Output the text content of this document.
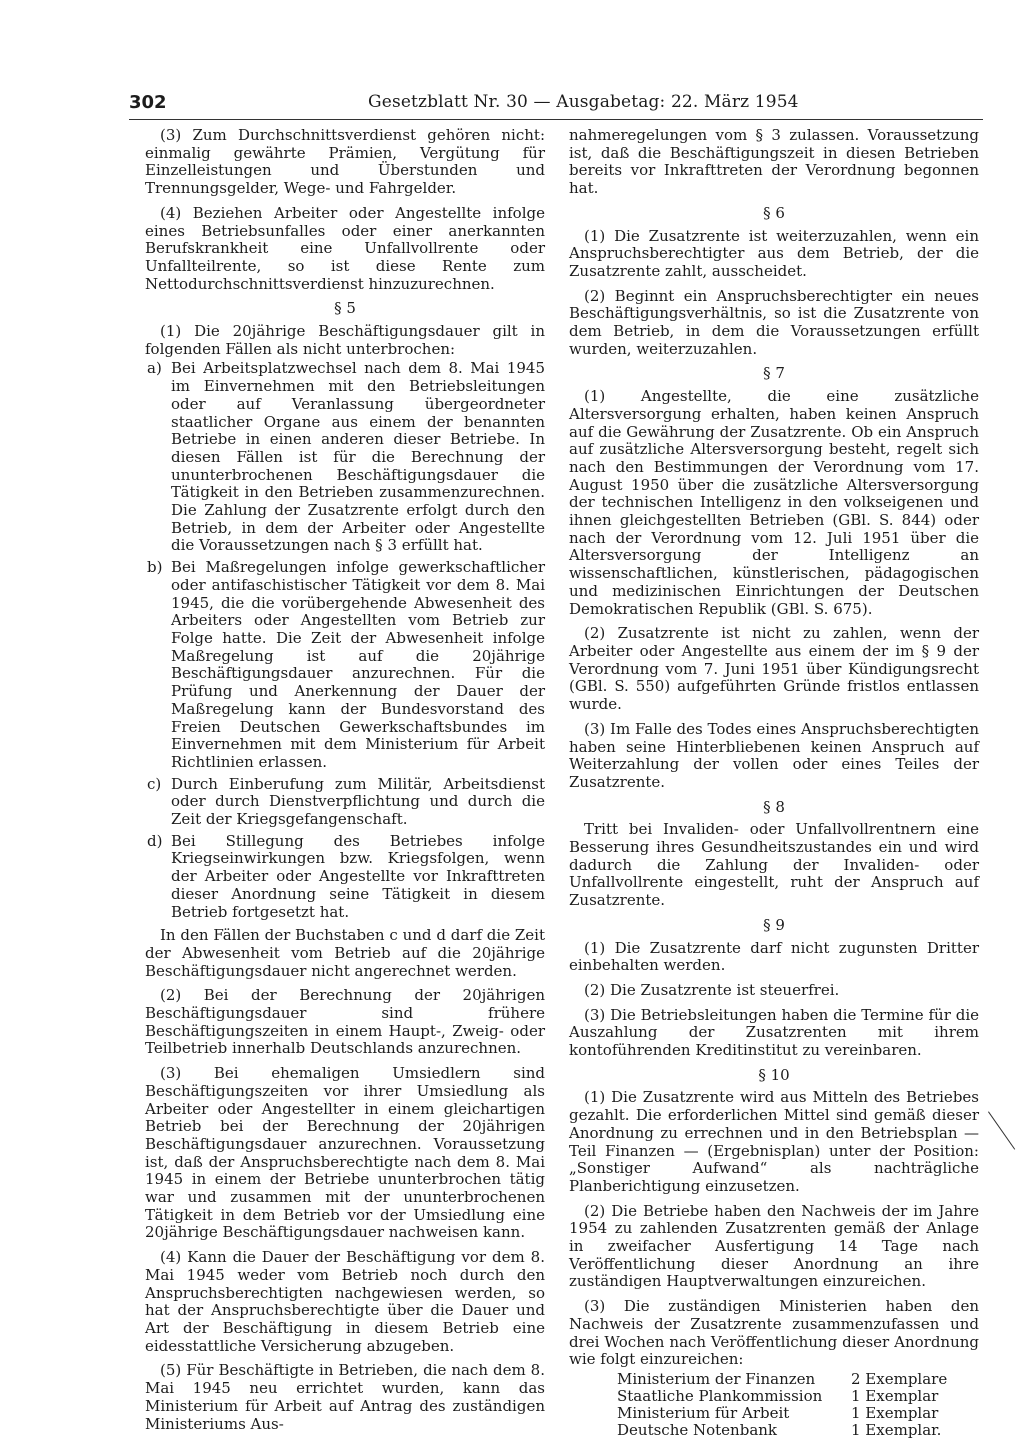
302	Gesetzblatt Nr. 30 — Ausgabetag: 22. März 1954

(3) Zum Durchschnittsverdienst gehören nicht: einmalig gewährte Prämien, Vergütung für Einzelleistungen und Überstunden und Trennungsgelder, Wege- und Fahrgelder.

(4) Beziehen Arbeiter oder Angestellte infolge eines Betriebsunfalles oder einer anerkannten Berufskrankheit eine Unfallvollrente oder Unfallteilrente, so ist diese Rente zum Nettodurchschnittsverdienst hinzuzurechnen.

§ 5

(1) Die 20jährige Beschäftigungsdauer gilt in folgenden Fällen als nicht unterbrochen:

a) Bei Arbeitsplatzwechsel nach dem 8. Mai 1945 im Einvernehmen mit den Betriebsleitungen oder auf Veranlassung übergeordneter staatlicher Organe aus einem der benannten Betriebe in einen anderen dieser Betriebe. In diesen Fällen ist für die Berechnung der ununterbrochenen Beschäftigungsdauer die Tätigkeit in den Betrieben zusammenzurechnen. Die Zahlung der Zusatzrente erfolgt durch den Betrieb, in dem der Arbeiter oder Angestellte die Voraussetzungen nach § 3 erfüllt hat.
b) Bei Maßregelungen infolge gewerkschaftlicher oder antifaschistischer Tätigkeit vor dem 8. Mai 1945, die die vorübergehende Abwesenheit des Arbeiters oder Angestellten vom Betrieb zur Folge hatte. Die Zeit der Abwesenheit infolge Maßregelung ist auf die 20jährige Beschäftigungsdauer anzurechnen. Für die Prüfung und Anerkennung der Dauer der Maßregelung kann der Bundesvorstand des Freien Deutschen Gewerkschaftsbundes im Einvernehmen mit dem Ministerium für Arbeit Richtlinien erlassen.
c) Durch Einberufung zum Militär, Arbeitsdienst oder durch Dienstverpflichtung und durch die Zeit der Kriegsgefangenschaft.
d) Bei Stillegung des Betriebes infolge Kriegseinwirkungen bzw. Kriegsfolgen, wenn der Arbeiter oder Angestellte vor Inkrafttreten dieser Anordnung seine Tätigkeit in diesem Betrieb fortgesetzt hat.

In den Fällen der Buchstaben c und d darf die Zeit der Abwesenheit vom Betrieb auf die 20jährige Beschäftigungsdauer nicht angerechnet werden.

(2) Bei der Berechnung der 20jährigen Beschäftigungsdauer sind frühere Beschäftigungszeiten in einem Haupt-, Zweig- oder Teilbetrieb innerhalb Deutschlands anzurechnen.

(3) Bei ehemaligen Umsiedlern sind Beschäftigungszeiten vor ihrer Umsiedlung als Arbeiter oder Angestellter in einem gleichartigen Betrieb bei der Berechnung der 20jährigen Beschäftigungsdauer anzurechnen. Voraussetzung ist, daß der Anspruchsberechtigte nach dem 8. Mai 1945 in einem der Betriebe ununterbrochen tätig war und zusammen mit der ununterbrochenen Tätigkeit in dem Betrieb vor der Umsiedlung eine 20jährige Beschäftigungsdauer nachweisen kann.

(4) Kann die Dauer der Beschäftigung vor dem 8. Mai 1945 weder vom Betrieb noch durch den Anspruchsberechtigten nachgewiesen werden, so hat der Anspruchsberechtigte über die Dauer und Art der Beschäftigung in diesem Betrieb eine eidesstattliche Versicherung abzugeben.

(5) Für Beschäftigte in Betrieben, die nach dem 8. Mai 1945 neu errichtet wurden, kann das Ministerium für Arbeit auf Antrag des zuständigen Ministeriums Aus-

nahmeregelungen vom § 3 zulassen. Voraussetzung ist, daß die Beschäftigungszeit in diesen Betrieben bereits vor Inkrafttreten der Verordnung begonnen hat.

§ 6

(1) Die Zusatzrente ist weiterzuzahlen, wenn ein Anspruchsberechtigter aus dem Betrieb, der die Zusatzrente zahlt, ausscheidet.

(2) Beginnt ein Anspruchsberechtigter ein neues Beschäftigungsverhältnis, so ist die Zusatzrente von dem Betrieb, in dem die Voraussetzungen erfüllt wurden, weiterzuzahlen.

§ 7

(1) Angestellte, die eine zusätzliche Altersversorgung erhalten, haben keinen Anspruch auf die Gewährung der Zusatzrente. Ob ein Anspruch auf zusätzliche Altersversorgung besteht, regelt sich nach den Bestimmungen der Verordnung vom 17. August 1950 über die zusätzliche Altersversorgung der technischen Intelligenz in den volkseigenen und ihnen gleichgestellten Betrieben (GBl. S. 844) oder nach der Verordnung vom 12. Juli 1951 über die Altersversorgung der Intelligenz an wissenschaftlichen, künstlerischen, pädagogischen und medizinischen Einrichtungen der Deutschen Demokratischen Republik (GBl. S. 675).

(2) Zusatzrente ist nicht zu zahlen, wenn der Arbeiter oder Angestellte aus einem der im § 9 der Verordnung vom 7. Juni 1951 über Kündigungsrecht (GBl. S. 550) aufgeführten Gründe fristlos entlassen wurde.

(3) Im Falle des Todes eines Anspruchsberechtigten haben seine Hinterbliebenen keinen Anspruch auf Weiterzahlung der vollen oder eines Teiles der Zusatzrente.

§ 8

Tritt bei Invaliden- oder Unfallvollrentnern eine Besserung ihres Gesundheitszustandes ein und wird dadurch die Zahlung der Invaliden- oder Unfallvollrente eingestellt, ruht der Anspruch auf Zusatzrente.

§ 9

(1) Die Zusatzrente darf nicht zugunsten Dritter einbehalten werden.

(2) Die Zusatzrente ist steuerfrei.

(3) Die Betriebsleitungen haben die Termine für die Auszahlung der Zusatzrenten mit ihrem kontoführenden Kreditinstitut zu vereinbaren.

§ 10

(1) Die Zusatzrente wird aus Mitteln des Betriebes gezahlt. Die erforderlichen Mittel sind gemäß dieser Anordnung zu errechnen und in den Betriebsplan — Teil Finanzen — (Ergebnisplan) unter der Position: „Sonstiger Aufwand“ als nachträgliche Planberichtigung einzusetzen.

(2) Die Betriebe haben den Nachweis der im Jahre 1954 zu zahlenden Zusatzrenten gemäß der Anlage in zweifacher Ausfertigung 14 Tage nach Veröffentlichung dieser Anordnung an ihre zuständigen Hauptverwaltungen einzureichen.

(3) Die zuständigen Ministerien haben den Nachweis der Zusatzrente zusammenzufassen und drei Wochen nach Veröffentlichung dieser Anordnung wie folgt einzureichen:

Ministerium der Finanzen	2 Exemplare
Staatliche Plankommission	1 Exemplar
Ministerium für Arbeit	1 Exemplar
Deutsche Notenbank	1 Exemplar.
